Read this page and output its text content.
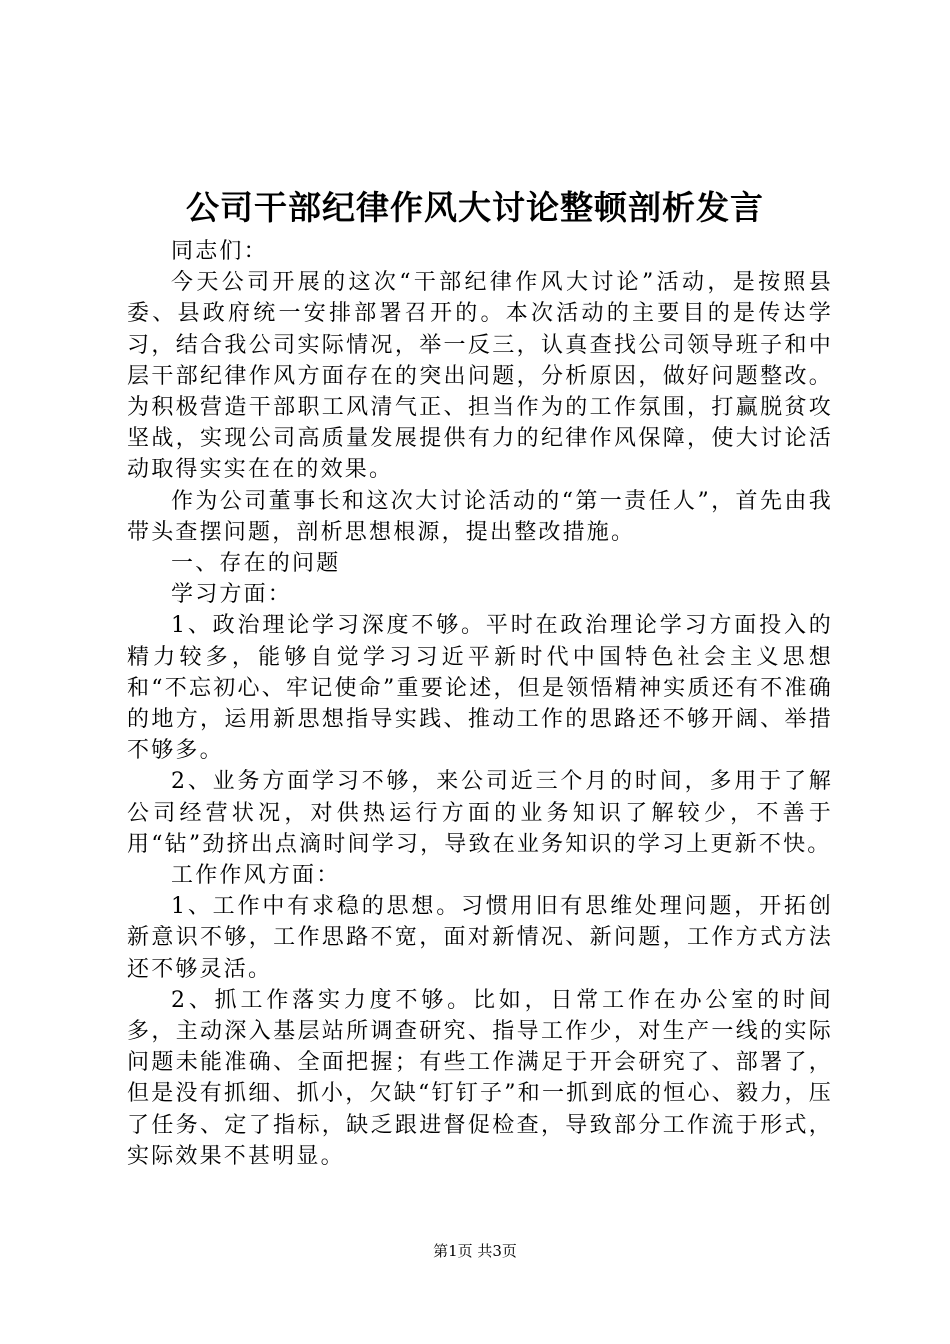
公司干部纪律作风大讨论整顿剖析发言

同志们：

今天公司开展的这次“干部纪律作风大讨论”活动，是按照县委、县政府统一安排部署召开的。本次活动的主要目的是传达学习，结合我公司实际情况，举一反三，认真查找公司领导班子和中层干部纪律作风方面存在的突出问题，分析原因，做好问题整改。为积极营造干部职工风清气正、担当作为的工作氛围，打赢脱贫攻坚战，实现公司高质量发展提供有力的纪律作风保障，使大讨论活动取得实实在在的效果。

作为公司董事长和这次大讨论活动的“第一责任人”，首先由我带头查摆问题，剖析思想根源，提出整改措施。

一、存在的问题

学习方面：

1、政治理论学习深度不够。平时在政治理论学习方面投入的精力较多，能够自觉学习习近平新时代中国特色社会主义思想和“不忘初心、牢记使命”重要论述，但是领悟精神实质还有不准确的地方，运用新思想指导实践、推动工作的思路还不够开阔、举措不够多。

2、业务方面学习不够，来公司近三个月的时间，多用于了解公司经营状况，对供热运行方面的业务知识了解较少，不善于用“钻”劲挤出点滴时间学习，导致在业务知识的学习上更新不快。

工作作风方面：

1、工作中有求稳的思想。习惯用旧有思维处理问题，开拓创新意识不够，工作思路不宽，面对新情况、新问题，工作方式方法还不够灵活。

2、抓工作落实力度不够。比如，日常工作在办公室的时间多，主动深入基层站所调查研究、指导工作少，对生产一线的实际问题未能准确、全面把握；有些工作满足于开会研究了、部署了，但是没有抓细、抓小，欠缺“钉钉子”和一抓到底的恒心、毅力，压了任务、定了指标，缺乏跟进督促检查，导致部分工作流于形式，实际效果不甚明显。

第1页 共3页
